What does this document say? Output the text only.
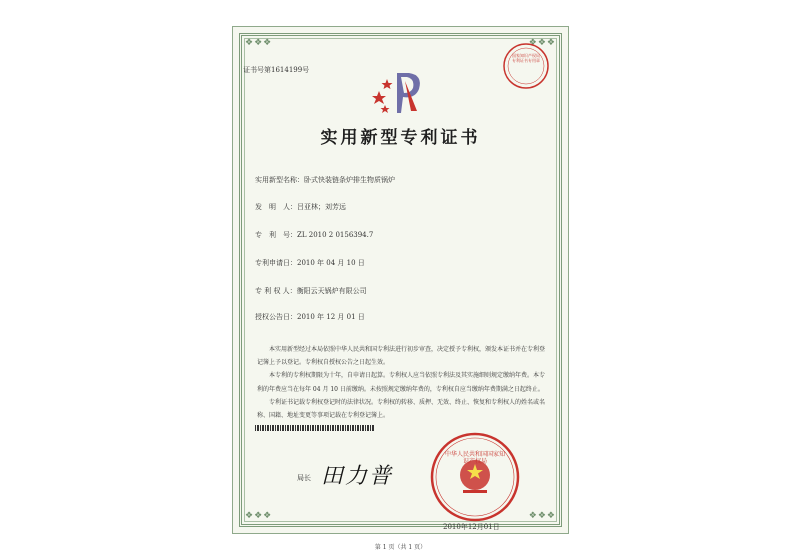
❖❖❖	❖❖❖
❖❖❖	❖❖❖
证书号第1614199号
国家知识产权局专利证书专用章
实用新型专利证书
实用新型名称：卧式快装链条炉排生物质锅炉
发　明　人：吕亚林；刘芳远
专　利　号：ZL 2010 2 0156394.7
专利申请日：2010 年 04 月 10 日
专 利 权 人：衡阳云天锅炉有限公司
授权公告日：2010 年 12 月 01 日

本实用新型经过本局依照中华人民共和国专利法进行初步审查，决定授予专利权，颁发本证书并在专利登记簿上予以登记。专利权自授权公告之日起生效。

本专利的专利权期限为十年，自申请日起算。专利权人应当依照专利法及其实施细则规定缴纳年费。本专利的年费应当在每年 04 月 10 日前缴纳。未按照规定缴纳年费的，专利权自应当缴纳年费期满之日起终止。

专利证书记载专利权登记时的法律状况。专利权的转移、质押、无效、终止、恢复和专利权人的姓名或名称、国籍、地址变更等事项记载在专利登记簿上。

局长 田力普
中华人民共和国国家知识产权局
2010年12月01日
第 1 页（共 1 页）
